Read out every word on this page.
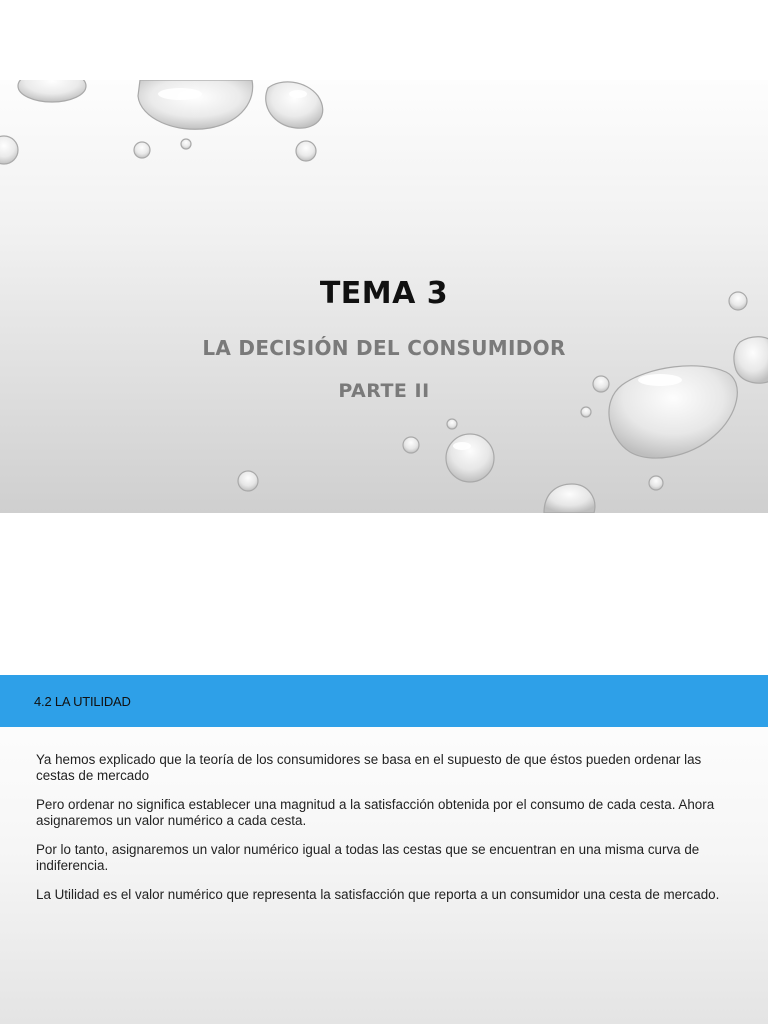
TEMA 3
LA DECISIÓN DEL CONSUMIDOR
PARTE II
4.2 LA UTILIDAD

Ya hemos explicado que la teoría de los consumidores se basa en el supuesto de que éstos pueden ordenar las cestas de mercado

Pero ordenar no significa establecer una magnitud a la satisfacción obtenida por el consumo de cada cesta. Ahora asignaremos un valor numérico a cada cesta.

Por lo tanto, asignaremos un valor numérico igual a todas las cestas que se encuentran en una misma curva de indiferencia.

La Utilidad es el valor numérico que representa la satisfacción que reporta a un consumidor una cesta de mercado.
